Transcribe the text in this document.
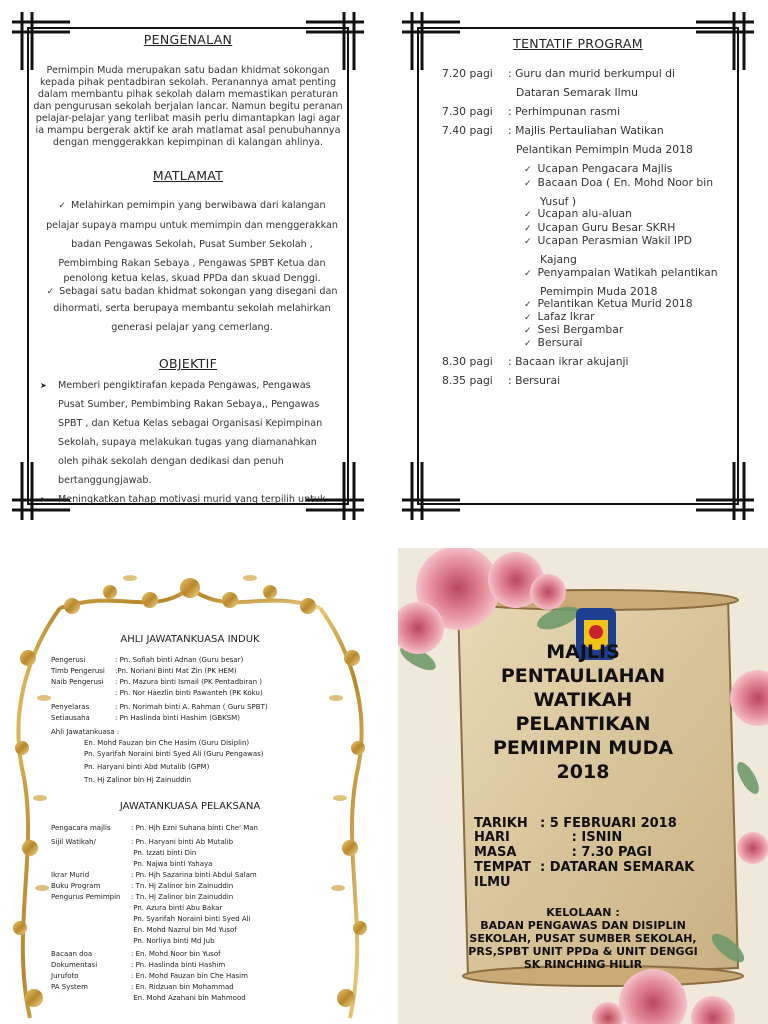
PENGENALAN
Pemimpin Muda merupakan satu badan khidmat sokongan
kepada pihak pentadbiran sekolah. Peranannya amat penting
dalam membantu pihak sekolah dalam memastikan peraturan
dan pengurusan sekolah berjalan lancar. Namun begitu peranan
pelajar-pelajar yang terlibat masih perlu dimantapkan lagi agar
ia mampu bergerak aktif ke arah matlamat asal penubuhannya
dengan menggerakkan kepimpinan di kalangan ahlinya.
MATLAMAT
✓ Melahirkan pemimpin yang berwibawa dari kalangan
pelajar supaya mampu untuk memimpin dan menggerakkan
badan Pengawas Sekolah, Pusat Sumber Sekolah ,
Pembimbing Rakan Sebaya , Pengawas SPBT Ketua dan
penolong ketua kelas, skuad PPDa dan skuad Denggi.
✓ Sebagai satu badan khidmat sokongan yang disegani dan
dihormati, serta berupaya membantu sekolah melahirkan
generasi pelajar yang cemerlang.
OBJEKTIF
➤ Memberi pengiktirafan kepada Pengawas, Pengawas
Pusat Sumber, Pembimbing Rakan Sebaya,, Pengawas
SPBT , dan Ketua Kelas sebagai Organisasi Kepimpinan
Sekolah, supaya melakukan tugas yang diamanahkan
oleh pihak sekolah dengan dedikasi dan penuh
bertanggungjawab.
➤ Meningkatkan tahap motivasi murid yang terpilih untuk
TENTATIF PROGRAM
7.20 pagi : Guru dan murid berkumpul di
Dataran Semarak Ilmu
7.30 pagi : Perhimpunan rasmi
7.40 pagi : Majlis Pertauliahan Watikan
Pelantikan Pemimpin Muda 2018
✓ Ucapan Pengacara Majlis
✓ Bacaan Doa ( En. Mohd Noor bin
Yusuf )
✓ Ucapan alu-aluan
✓ Ucapan Guru Besar SKRH
✓ Ucapan Perasmian Wakil IPD
Kajang
✓ Penyampaian Watikah pelantikan
Pemimpin Muda 2018
✓ Pelantikan Ketua Murid 2018
✓ Lafaz Ikrar
✓ Sesi Bergambar
✓ Bersurai
8.30 pagi : Bacaan ikrar akujanji
8.35 pagi : Bersurai
AHLI JAWATANKUASA INDUK
Pengerusi	: Pn. Sofiah binti Adnan (Guru besar)
Timb Pengerusi :Pn. Noriani Binti Mat Zin (PK HEM)
Naib Pengerusi : Pn. Mazura binti Ismail (PK Pentadbiran )
: Pn. Nor Haezlin binti Pawanteh (PK Koku)
Penyelaras	: Pn. Norimah binti A. Rahman ( Guru SPBT)
Setiausaha	: Pn Haslinda binti Hashim (GBKSM)
Ahli Jawatankuasa :
En. Mohd Fauzan bin Che Hasim (Guru Disiplin)
Pn. Syarifah Noraini binti Syed Ali (Guru Pengawas)
Pn. Haryani binti Abd Mutalib (GPM)
Tn. Hj Zalinor bin Hj Zainuddin
JAWATANKUASA PELAKSANA
Pengacara majlis	: Pn. Hjh Ezni Suhana binti Che' Man
Sijil Watikah/	: Pn. Haryani binti Ab Mutalib
Pn. Izzati binti Din
Pn. Najwa binti Yahaya
Ikrar Murid	: Pn. Hjh Sazarina binti Abdul Salam
Buku Program	: Tn. Hj Zalinor bin Zainuddin
Pengurus Pemimpin : Tn. Hj Zalinor bin Zainuddin
Pn. Azura binti Abu Bakar
Pn. Syarifah Noraini binti Syed Ali
En. Mohd Nazrul bin Md Yusof
Pn. Norliya binti Md Jub
Bacaan doa	: En. Mohd Noor bin Yusof
Dokumentasi	: Pn. Haslinda binti Hashim
Jurufoto	: En. Mohd Fauzan bin Che Hasim
PA System	: En. Ridzuan bin Mohammad
En. Mohd Azahani bin Mahmood
MAJLIS
PENTAULIAHAN
WATIKAH
PELANTIKAN
PEMIMPIN MUDA
2018
TARIKH : 5 FEBRUARI 2018
HARI       : ISNIN
MASA       : 7.30 PAGI
TEMPAT : DATARAN SEMARAK
ILMU
KELOLAAN :
BADAN PENGAWAS DAN DISIPLIN
SEKOLAH, PUSAT SUMBER SEKOLAH,
PRS,SPBT UNIT PPDa & UNIT DENGGI
SK RINCHING HILIR
